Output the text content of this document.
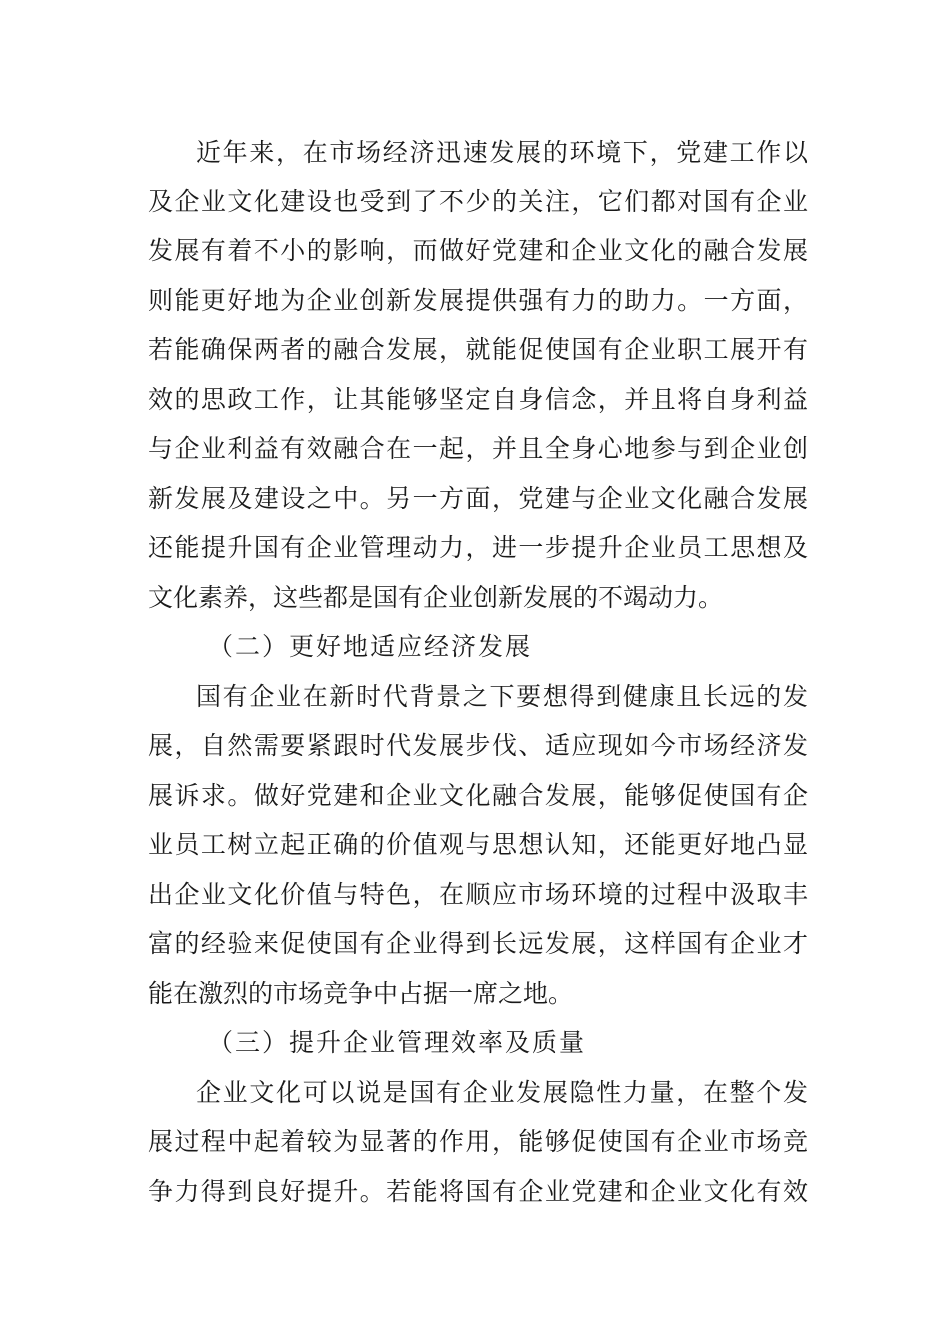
近年来，在市场经济迅速发展的环境下，党建工作以
及企业文化建设也受到了不少的关注，它们都对国有企业
发展有着不小的影响，而做好党建和企业文化的融合发展
则能更好地为企业创新发展提供强有力的助力。一方面，
若能确保两者的融合发展，就能促使国有企业职工展开有
效的思政工作，让其能够坚定自身信念，并且将自身利益
与企业利益有效融合在一起，并且全身心地参与到企业创
新发展及建设之中。另一方面，党建与企业文化融合发展
还能提升国有企业管理动力，进一步提升企业员工思想及
文化素养，这些都是国有企业创新发展的不竭动力。
（二）更好地适应经济发展
国有企业在新时代背景之下要想得到健康且长远的发
展，自然需要紧跟时代发展步伐、适应现如今市场经济发
展诉求。做好党建和企业文化融合发展，能够促使国有企
业员工树立起正确的价值观与思想认知，还能更好地凸显
出企业文化价值与特色，在顺应市场环境的过程中汲取丰
富的经验来促使国有企业得到长远发展，这样国有企业才
能在激烈的市场竞争中占据一席之地。
（三）提升企业管理效率及质量
企业文化可以说是国有企业发展隐性力量，在整个发
展过程中起着较为显著的作用，能够促使国有企业市场竞
争力得到良好提升。若能将国有企业党建和企业文化有效
